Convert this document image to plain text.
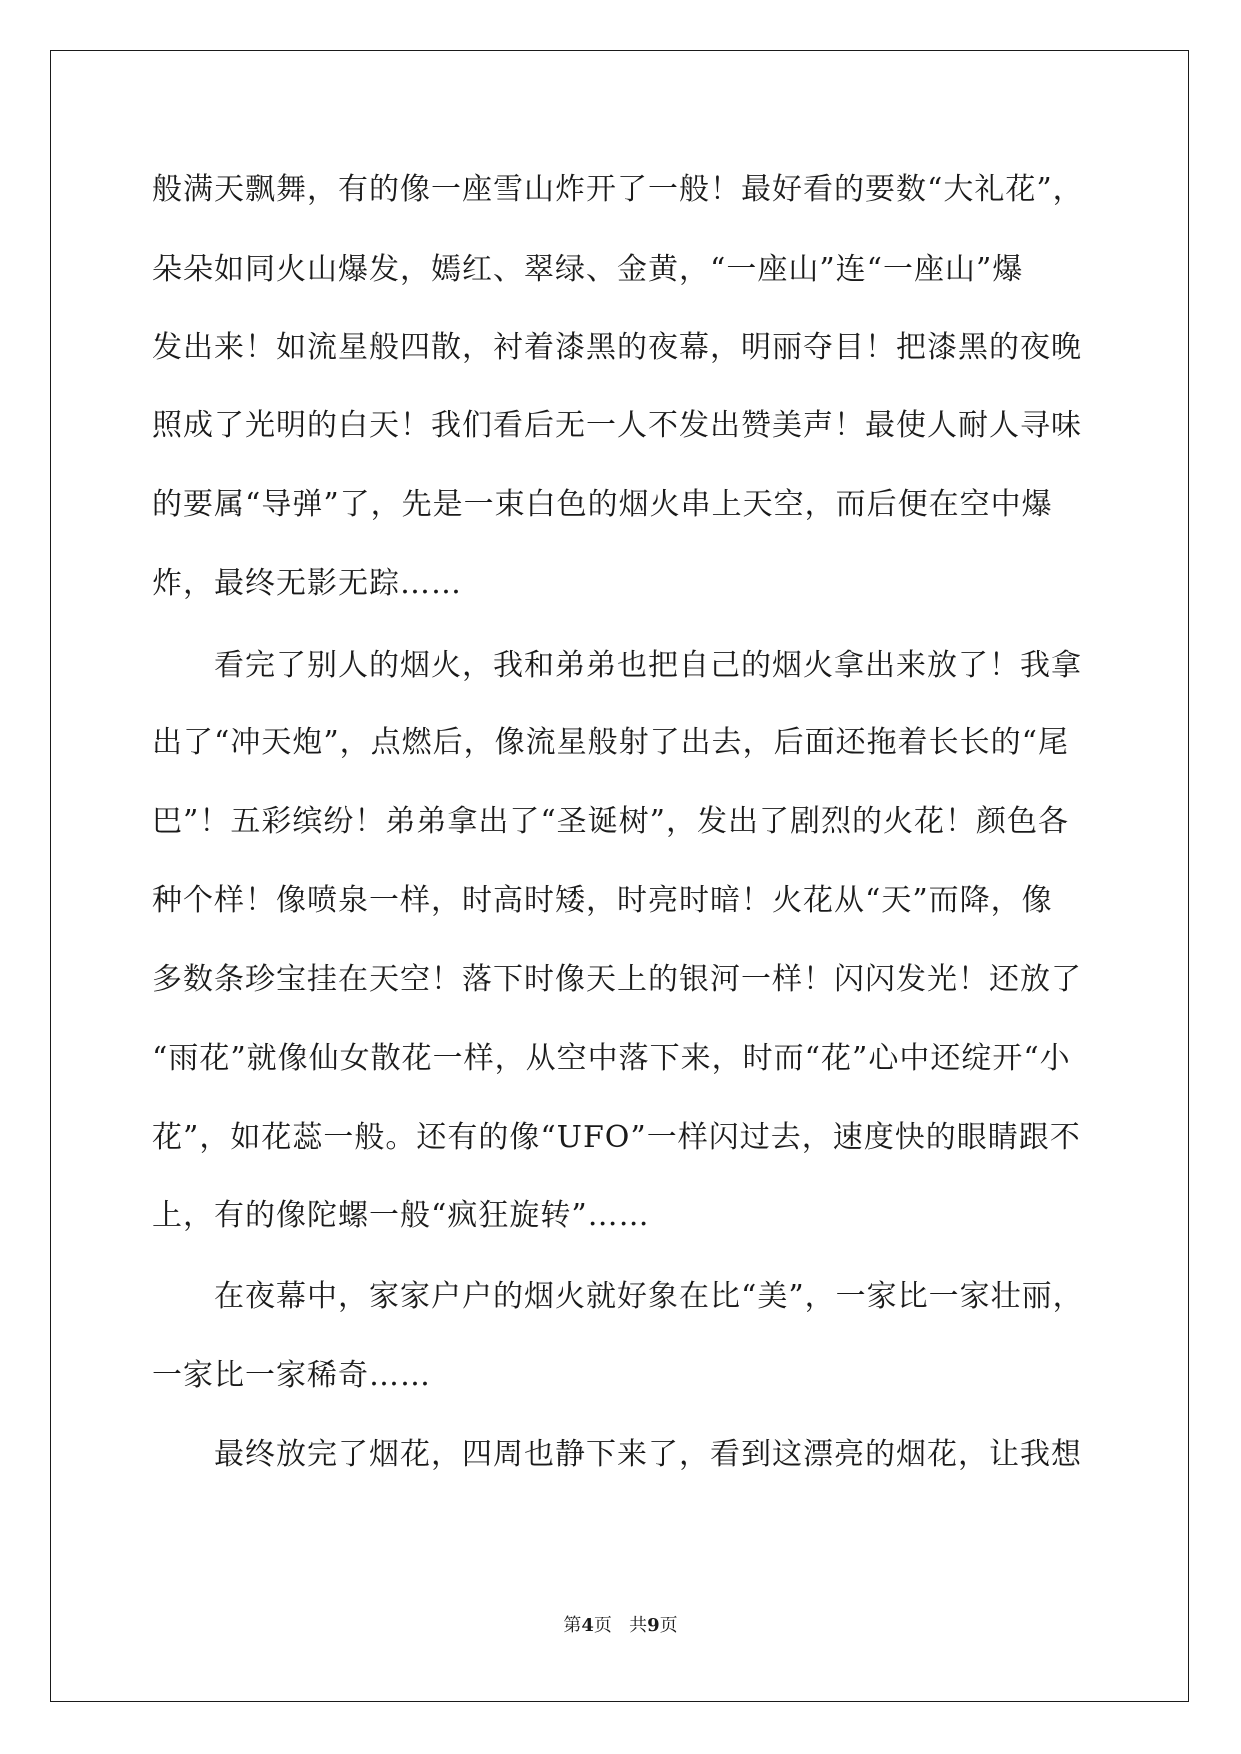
般满天飘舞，有的像一座雪山炸开了一般！最好看的要数“大礼花”，
朵朵如同火山爆发，嫣红、翠绿、金黄，“一座山”连“一座山”爆
发出来！如流星般四散，衬着漆黑的夜幕，明丽夺目！把漆黑的夜晚
照成了光明的白天！我们看后无一人不发出赞美声！最使人耐人寻味
的要属“导弹”了，先是一束白色的烟火串上天空，而后便在空中爆
炸，最终无影无踪……
看完了别人的烟火，我和弟弟也把自己的烟火拿出来放了！我拿
出了“冲天炮”，点燃后，像流星般射了出去，后面还拖着长长的“尾
巴”！五彩缤纷！弟弟拿出了“圣诞树”，发出了剧烈的火花！颜色各
种个样！像喷泉一样，时高时矮，时亮时暗！火花从“天”而降，像
多数条珍宝挂在天空！落下时像天上的银河一样！闪闪发光！还放了
“雨花”就像仙女散花一样，从空中落下来，时而“花”心中还绽开“小
花”，如花蕊一般。还有的像“UFO”一样闪过去，速度快的眼睛跟不
上，有的像陀螺一般“疯狂旋转”……
在夜幕中，家家户户的烟火就好象在比“美”，一家比一家壮丽，
一家比一家稀奇……
最终放完了烟花，四周也静下来了，看到这漂亮的烟花，让我想
第4页 共9页
